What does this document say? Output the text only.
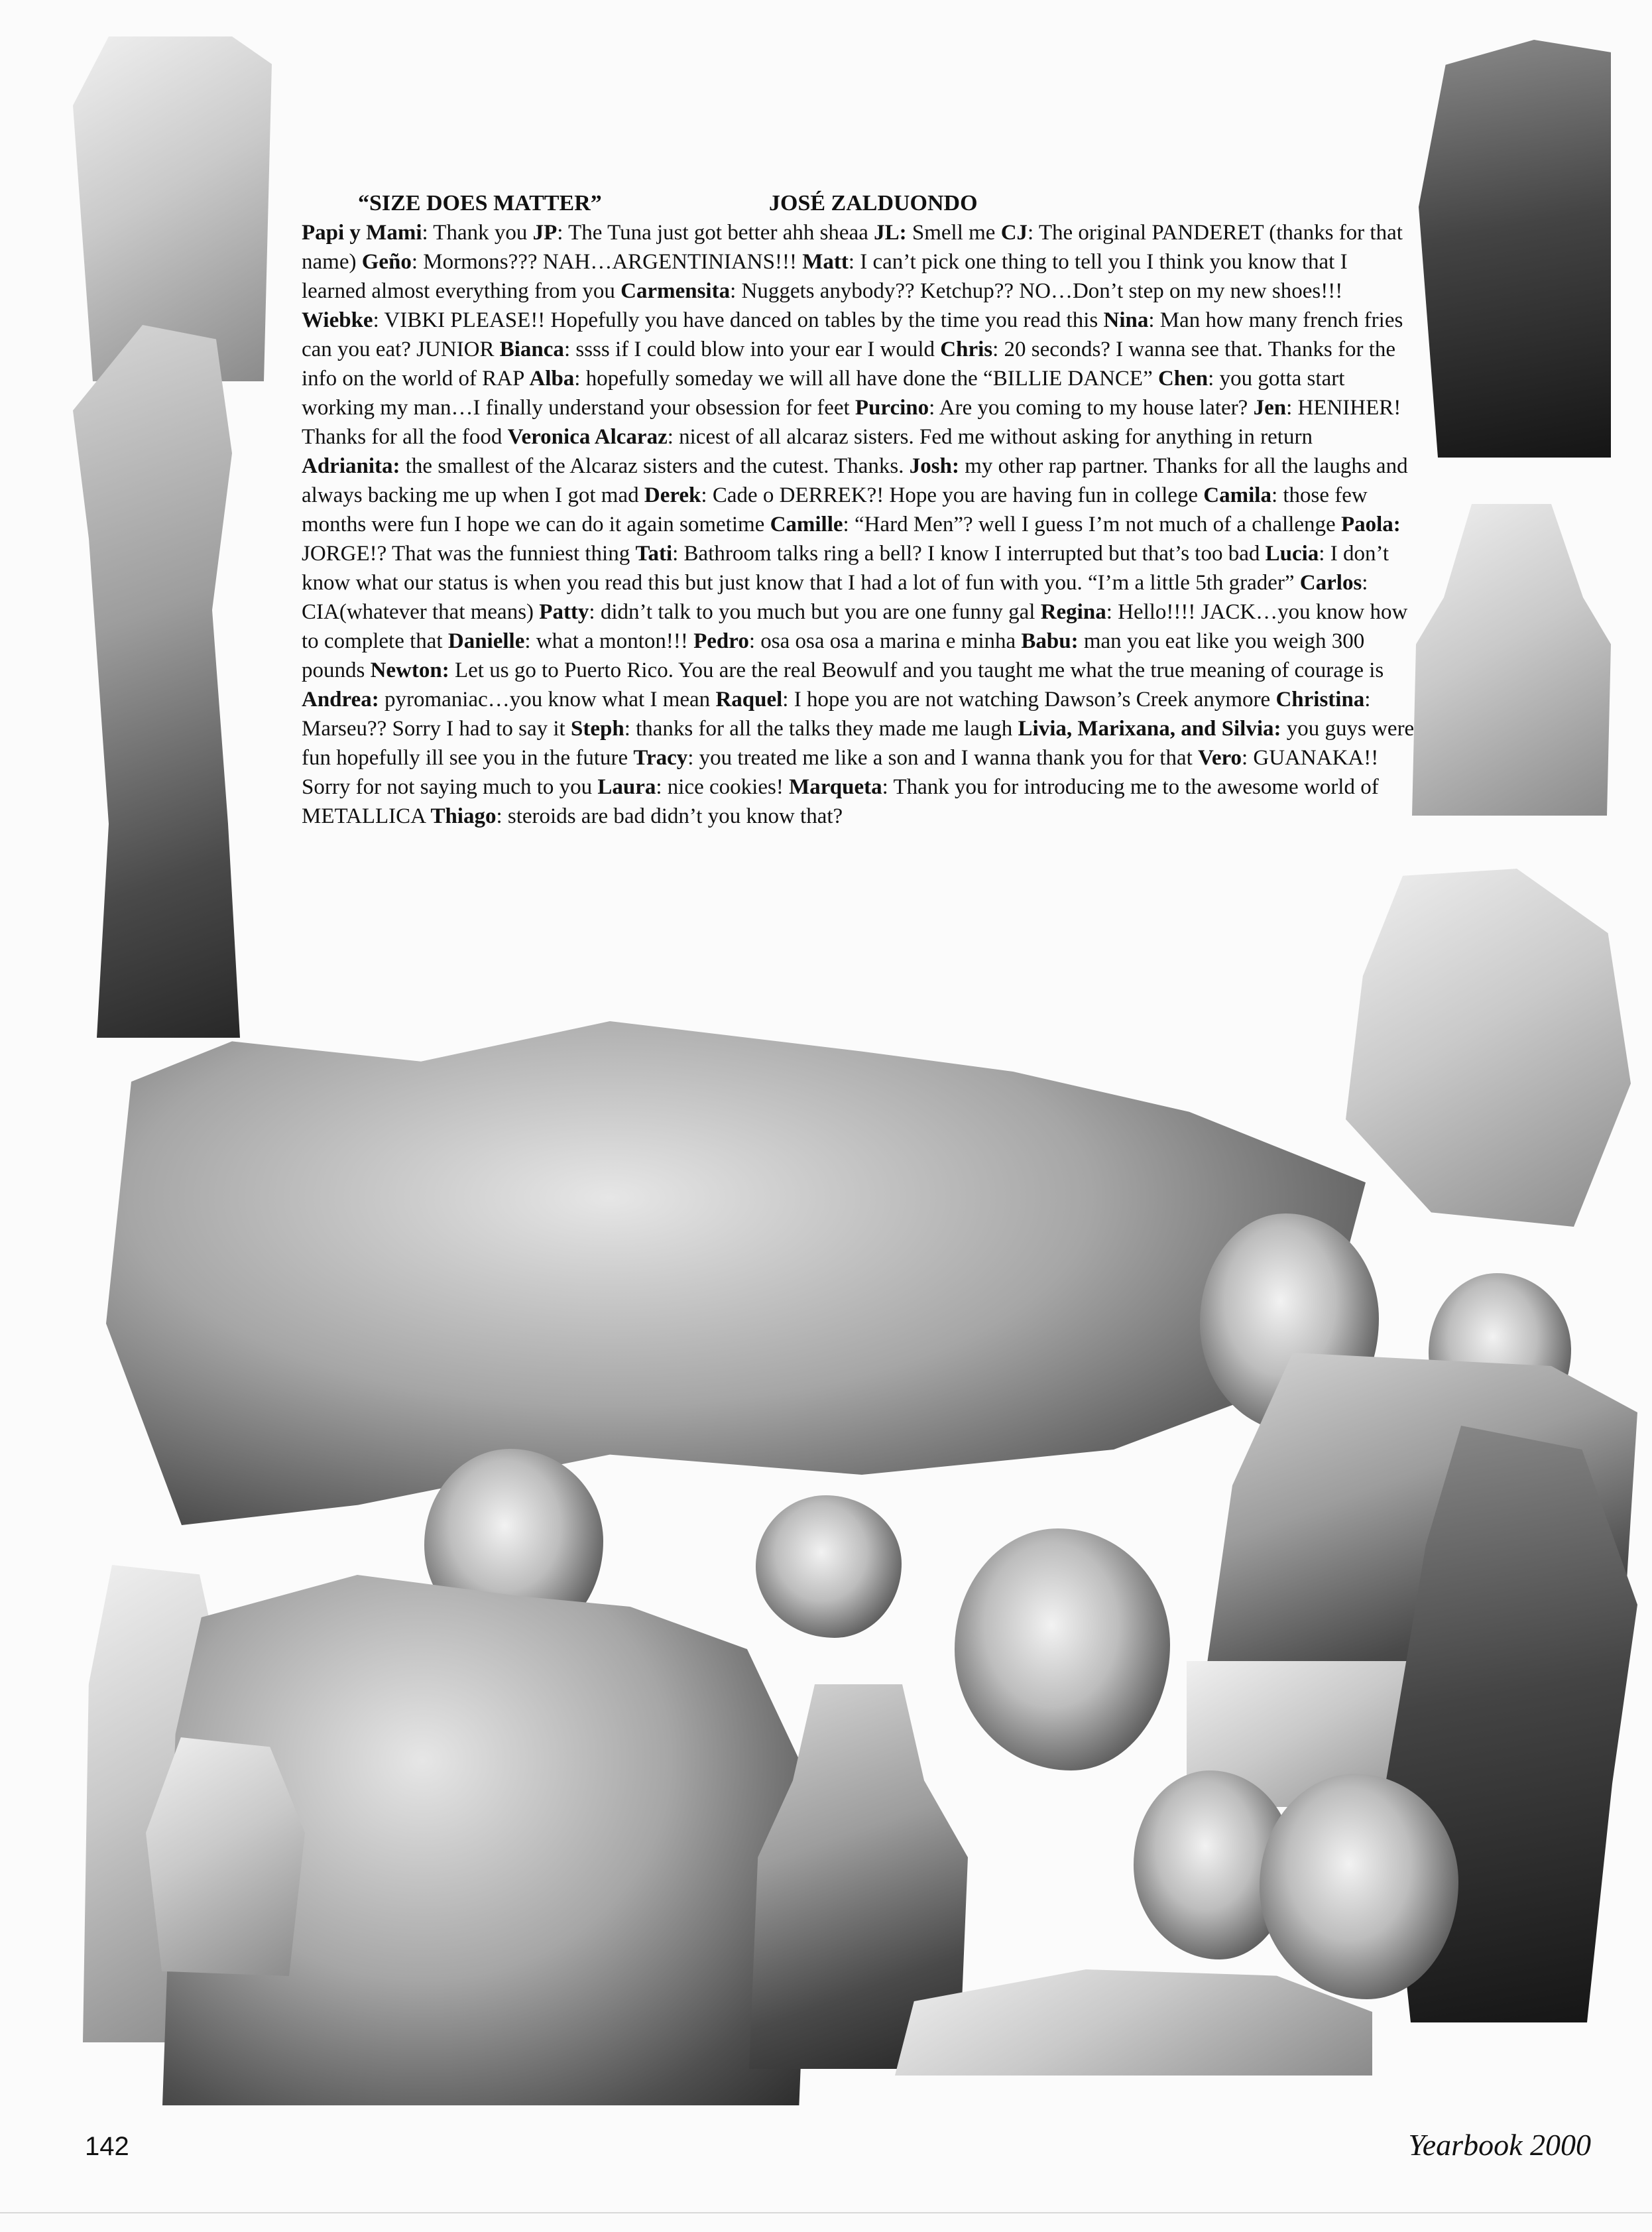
“SIZE DOES MATTER”	JOSÉ ZALDUONDO
Papi y Mami: Thank you JP: The Tuna just got better ahh sheaa JL: Smell me CJ: The original PANDERET (thanks for that name) Geño: Mormons??? NAH…ARGENTINIANS!!! Matt: I can’t pick one thing to tell you I think you know that I learned almost everything from you Carmensita: Nuggets anybody?? Ketchup?? NO…Don’t step on my new shoes!!! Wiebke: VIBKI PLEASE!! Hopefully you have danced on tables by the time you read this Nina: Man how many french fries can you eat? JUNIOR Bianca: ssss if I could blow into your ear I would Chris: 20 seconds? I wanna see that. Thanks for the info on the world of RAP Alba: hopefully someday we will all have done the “BILLIE DANCE” Chen: you gotta start working my man…I finally understand your obsession for feet Purcino: Are you coming to my house later? Jen: HENIHER! Thanks for all the food Veronica Alcaraz: nicest of all alcaraz sisters. Fed me without asking for anything in return Adrianita: the smallest of the Alcaraz sisters and the cutest. Thanks. Josh: my other rap partner. Thanks for all the laughs and always backing me up when I got mad Derek: Cade o DERREK?! Hope you are having fun in college Camila: those few months were fun I hope we can do it again sometime Camille: “Hard Men”? well I guess I’m not much of a challenge Paola: JORGE!? That was the funniest thing Tati: Bathroom talks ring a bell? I know I interrupted but that’s too bad Lucia: I don’t know what our status is when you read this but just know that I had a lot of fun with you. “I’m a little 5th grader” Carlos: CIA(whatever that means) Patty: didn’t talk to you much but you are one funny gal Regina: Hello!!!! JACK…you know how to complete that Danielle: what a monton!!! Pedro: osa osa osa a marina e minha Babu: man you eat like you weigh 300 pounds Newton: Let us go to Puerto Rico. You are the real Beowulf and you taught me what the true meaning of courage is Andrea: pyromaniac…you know what I mean Raquel: I hope you are not watching Dawson’s Creek anymore Christina: Marseu?? Sorry I had to say it Steph: thanks for all the talks they made me laugh Livia, Marixana, and Silvia: you guys were fun hopefully ill see you in the future Tracy: you treated me like a son and I wanna thank you for that Vero: GUANAKA!! Sorry for not saying much to you Laura: nice cookies! Marqueta: Thank you for introducing me to the awesome world of METALLICA Thiago: steroids are bad didn’t you know that?
142	Yearbook 2000
